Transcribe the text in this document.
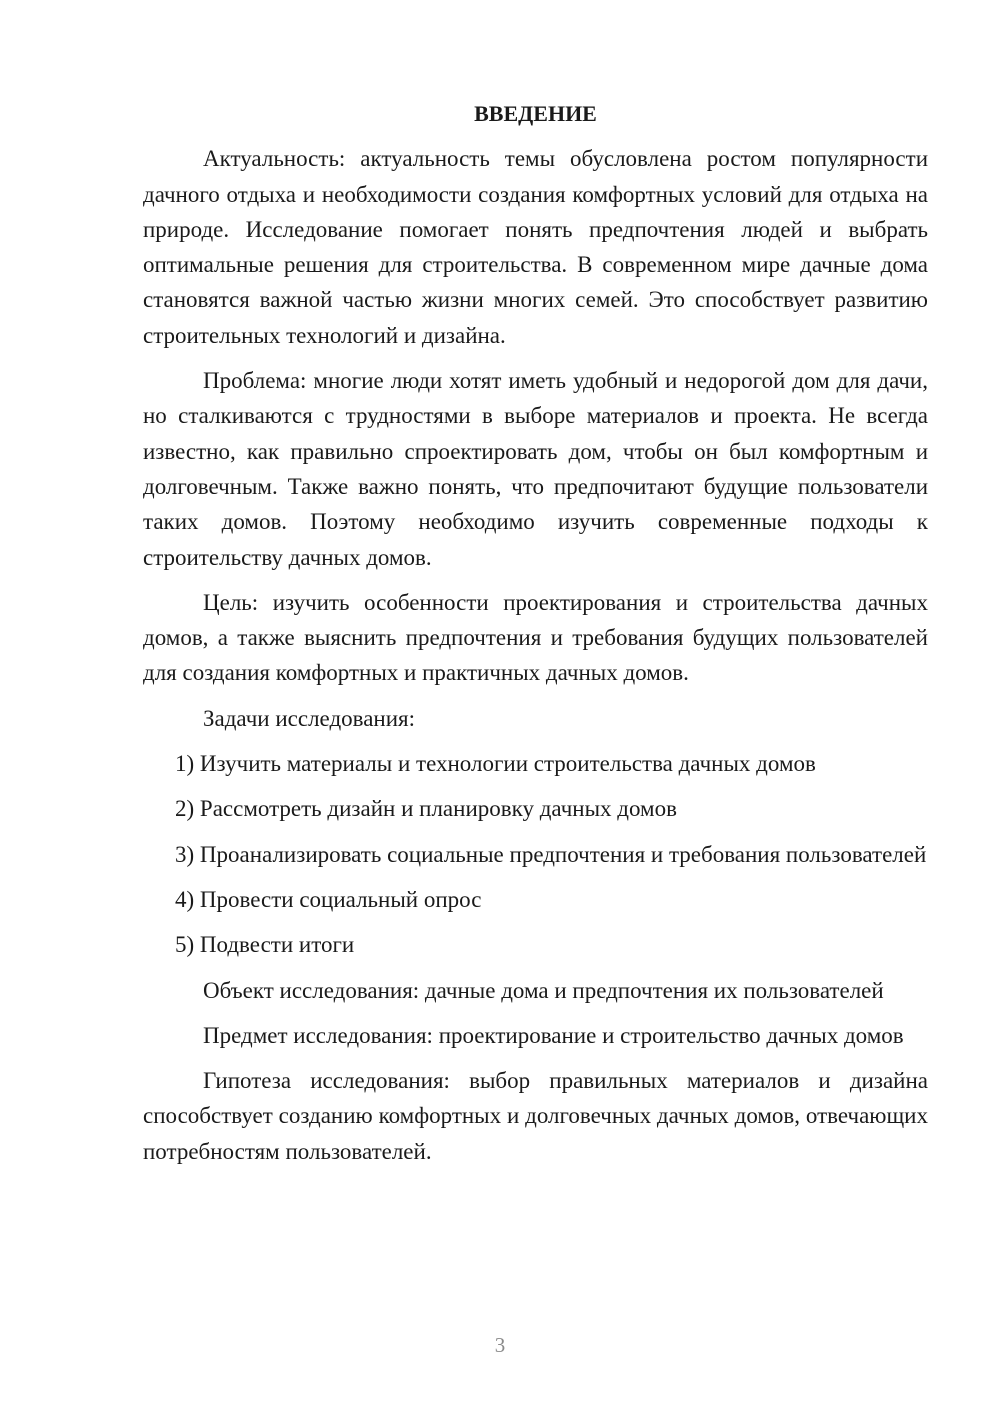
ВВЕДЕНИЕ

Актуальность: актуальность темы обусловлена ростом популярности дачного отдыха и необходимости создания комфортных условий для отдыха на природе. Исследование помогает понять предпочтения людей и выбрать оптимальные решения для строительства. В современном мире дачные дома становятся важной частью жизни многих семей. Это способствует развитию строительных технологий и дизайна.

Проблема: многие люди хотят иметь удобный и недорогой дом для дачи, но сталкиваются с трудностями в выборе материалов и проекта. Не всегда известно, как правильно спроектировать дом, чтобы он был комфортным и долговечным. Также важно понять, что предпочитают будущие пользователи таких домов. Поэтому необходимо изучить современные подходы к строительству дачных домов.

Цель: изучить особенности проектирования и строительства дачных домов, а также выяснить предпочтения и требования будущих пользователей для создания комфортных и практичных дачных домов.

Задачи исследования:

1) Изучить материалы и технологии строительства дачных домов

2) Рассмотреть дизайн и планировку дачных домов

3) Проанализировать социальные предпочтения и требования пользователей

4) Провести социальный опрос

5) Подвести итоги

Объект исследования: дачные дома и предпочтения их пользователей

Предмет исследования: проектирование и строительство дачных домов

Гипотеза исследования: выбор правильных материалов и дизайна способствует созданию комфортных и долговечных дачных домов, отвечающих потребностям пользователей.

3
